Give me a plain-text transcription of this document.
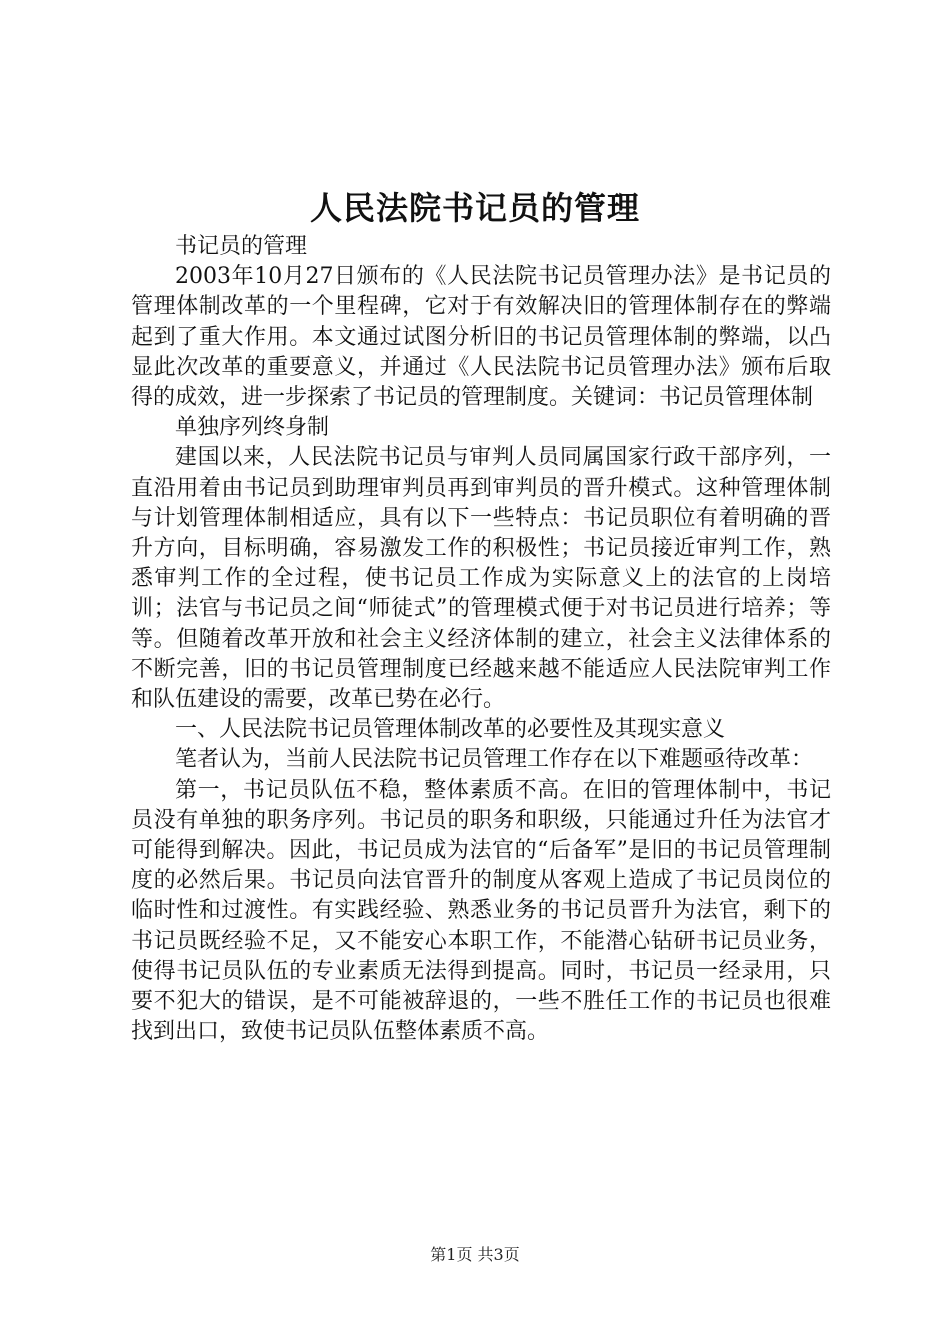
人民法院书记员的管理

书记员的管理

2003年10月27日颁布的《人民法院书记员管理办法》是书记员的管理体制改革的一个里程碑，它对于有效解决旧的管理体制存在的弊端起到了重大作用。本文通过试图分析旧的书记员管理体制的弊端，以凸显此次改革的重要意义，并通过《人民法院书记员管理办法》颁布后取得的成效，进一步探索了书记员的管理制度。关键词：书记员管理体制

单独序列终身制

建国以来，人民法院书记员与审判人员同属国家行政干部序列，一直沿用着由书记员到助理审判员再到审判员的晋升模式。这种管理体制与计划管理体制相适应，具有以下一些特点：书记员职位有着明确的晋升方向，目标明确，容易激发工作的积极性；书记员接近审判工作，熟悉审判工作的全过程，使书记员工作成为实际意义上的法官的上岗培训；法官与书记员之间“师徒式”的管理模式便于对书记员进行培养；等等。但随着改革开放和社会主义经济体制的建立，社会主义法律体系的不断完善，旧的书记员管理制度已经越来越不能适应人民法院审判工作和队伍建设的需要，改革已势在必行。

一、人民法院书记员管理体制改革的必要性及其现实意义

笔者认为，当前人民法院书记员管理工作存在以下难题亟待改革：

第一，书记员队伍不稳，整体素质不高。在旧的管理体制中，书记员没有单独的职务序列。书记员的职务和职级，只能通过升任为法官才可能得到解决。因此，书记员成为法官的“后备军”是旧的书记员管理制度的必然后果。书记员向法官晋升的制度从客观上造成了书记员岗位的临时性和过渡性。有实践经验、熟悉业务的书记员晋升为法官，剩下的书记员既经验不足，又不能安心本职工作，不能潜心钻研书记员业务，使得书记员队伍的专业素质无法得到提高。同时，书记员一经录用，只要不犯大的错误，是不可能被辞退的，一些不胜任工作的书记员也很难找到出口，致使书记员队伍整体素质不高。

第1页 共3页
